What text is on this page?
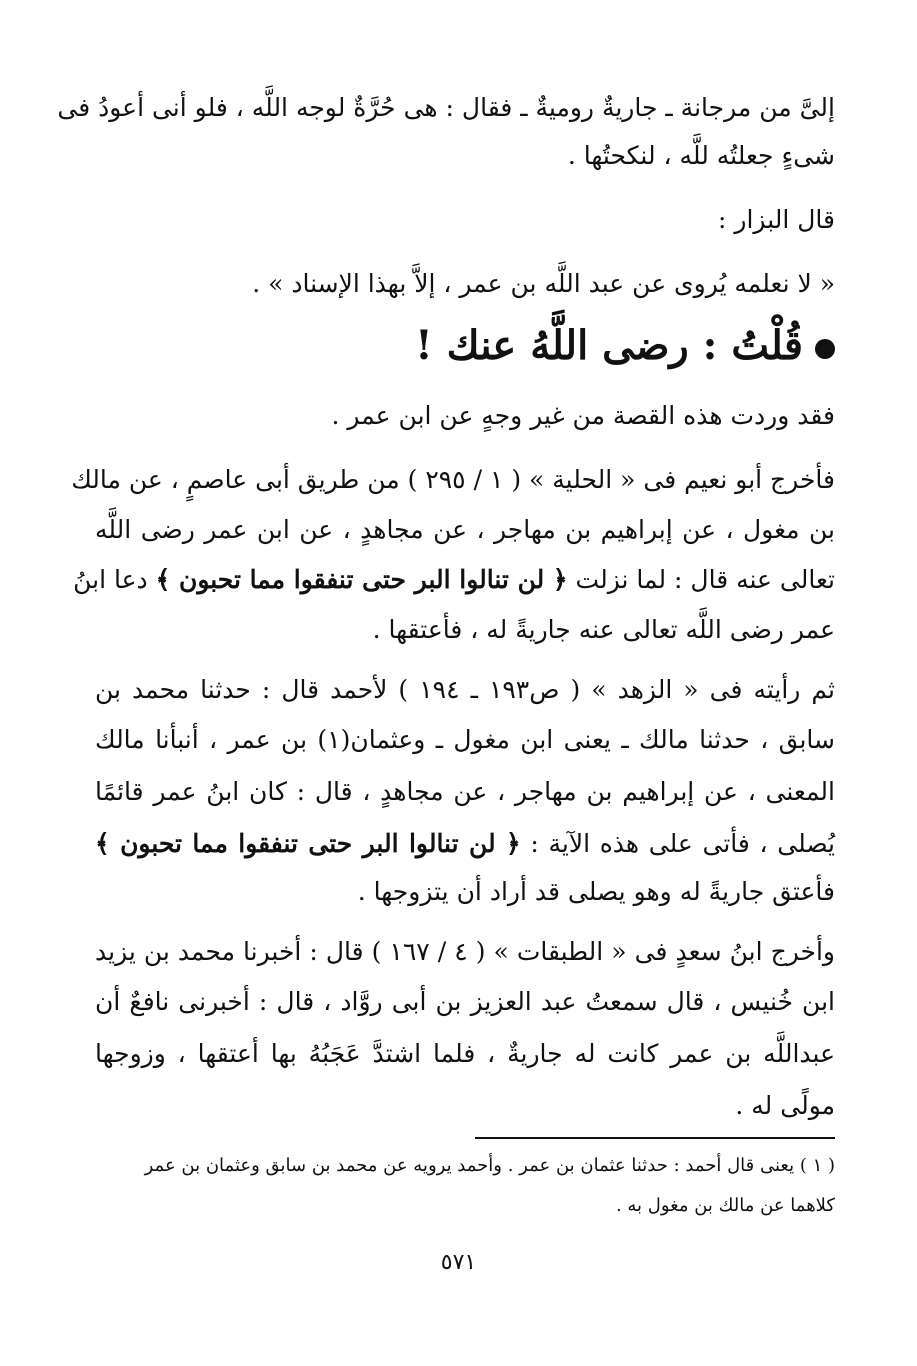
إلىَّ من مرجانة ـ جاريةٌ روميةٌ ـ فقال : هى حُرَّةٌ لوجه اللَّه ، فلو أنى أعودُ فى
شىءٍ جعلتُه للَّه ، لنكحتُها .
قال البزار :
« لا نعلمه يُروى عن عبد اللَّه بن عمر ، إلاَّ بهذا الإسناد » .
قُلْتُ : رضى اللَّهُ عنك !
فقد وردت هذه القصة من غير وجهٍ عن ابن عمر .
فأخرج أبو نعيم فى « الحلية » ( ١ / ٢٩٥ ) من طريق أبى عاصمٍ ، عن مالك
بن مغول ، عن إبراهيم بن مهاجر ، عن مجاهدٍ ، عن ابن عمر رضى اللَّه
تعالى عنه قال : لما نزلت ﴿ لن تنالوا البر حتى تنفقوا مما تحبون ﴾ دعا ابنُ
عمر رضى اللَّه تعالى عنه جاريةً له ، فأعتقها .
ثم رأيته فى « الزهد » ( ص١٩٣ ـ ١٩٤ ) لأحمد قال : حدثنا محمد بن
سابق ، حدثنا مالك ـ يعنى ابن مغول ـ وعثمان(١) بن عمر ، أنبأنا مالك
المعنى ، عن إبراهيم بن مهاجر ، عن مجاهدٍ ، قال : كان ابنُ عمر قائمًا
يُصلى ، فأتى على هذه الآية : ﴿ لن تنالوا البر حتى تنفقوا مما تحبون ﴾
فأعتق جاريةً له وهو يصلى قد أراد أن يتزوجها .
وأخرج ابنُ سعدٍ فى « الطبقات » ( ٤ / ١٦٧ ) قال : أخبرنا محمد بن يزيد
ابن خُنيس ، قال سمعتُ عبد العزيز بن أبى روَّاد ، قال : أخبرنى نافعٌ أن
عبداللَّه بن عمر كانت له جاريةٌ ، فلما اشتدَّ عَجَبُهُ بها أعتقها ، وزوجها
مولًى له .
( ١ ) يعنى قال أحمد : حدثنا عثمان بن عمر . وأحمد يرويه عن محمد بن سابق وعثمان بن عمر
كلاهما عن مالك بن مغول به .
٥٧١
